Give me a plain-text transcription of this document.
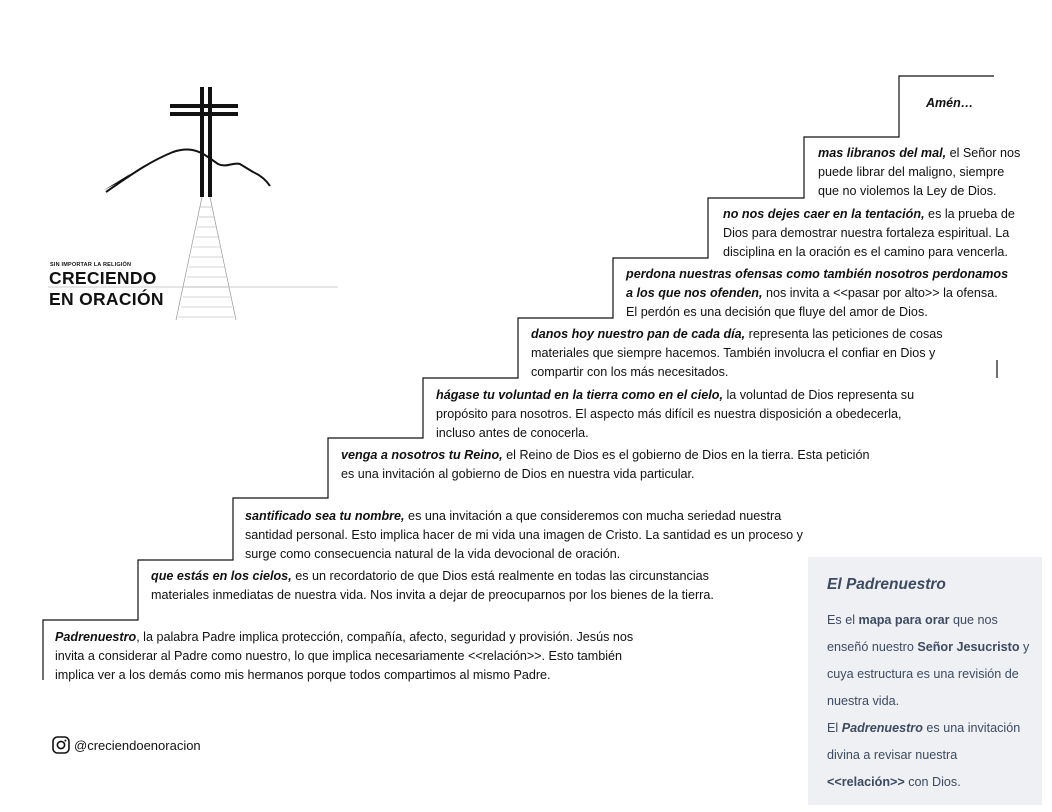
SIN IMPORTAR LA RELIGIÓN
CRECIENDO
EN ORACIÓN
Padrenuestro, la palabra Padre implica protección, compañía, afecto, seguridad y provisión. Jesús nos
invita a considerar al Padre como nuestro, lo que implica necesariamente <<relación>>. Esto también
implica ver a los demás como mis hermanos porque todos compartimos al mismo Padre.
que estás en los cielos, es un recordatorio de que Dios está realmente en todas las circunstancias
materiales inmediatas de nuestra vida. Nos invita a dejar de preocuparnos por los bienes de la tierra.
santificado sea tu nombre, es una invitación a que consideremos con mucha seriedad nuestra
santidad personal. Esto implica hacer de mi vida una imagen de Cristo. La santidad es un proceso y
surge como consecuencia natural de la vida devocional de oración.
venga a nosotros tu Reino, el Reino de Dios es el gobierno de Dios en la tierra. Esta petición
es una invitación al gobierno de Dios en nuestra vida particular.
hágase tu voluntad en la tierra como en el cielo, la voluntad de Dios representa su
propósito para nosotros. El aspecto más difícil es nuestra disposición a obedecerla,
incluso antes de conocerla.
danos hoy nuestro pan de cada día, representa las peticiones de cosas
materiales que siempre hacemos. También involucra el confiar en Dios y
compartir con los más necesitados.
perdona nuestras ofensas como también nosotros perdonamos
a los que nos ofenden, nos invita a <<pasar por alto>> la ofensa.
El perdón es una decisión que fluye del amor de Dios.
no nos dejes caer en la tentación, es la prueba de
Dios para demostrar nuestra fortaleza espiritual. La
disciplina en la oración es el camino para vencerla.
mas libranos del mal, el Señor nos
puede librar del maligno, siempre
que no violemos la Ley de Dios.
Amén…
@creciendoenoracion
El Padrenuestro
Es el mapa para orar que nos enseñó nuestro Señor Jesucristo y cuya estructura es una revisión de nuestra vida.
El Padrenuestro es una invitación divina a revisar nuestra <<relación>> con Dios.
